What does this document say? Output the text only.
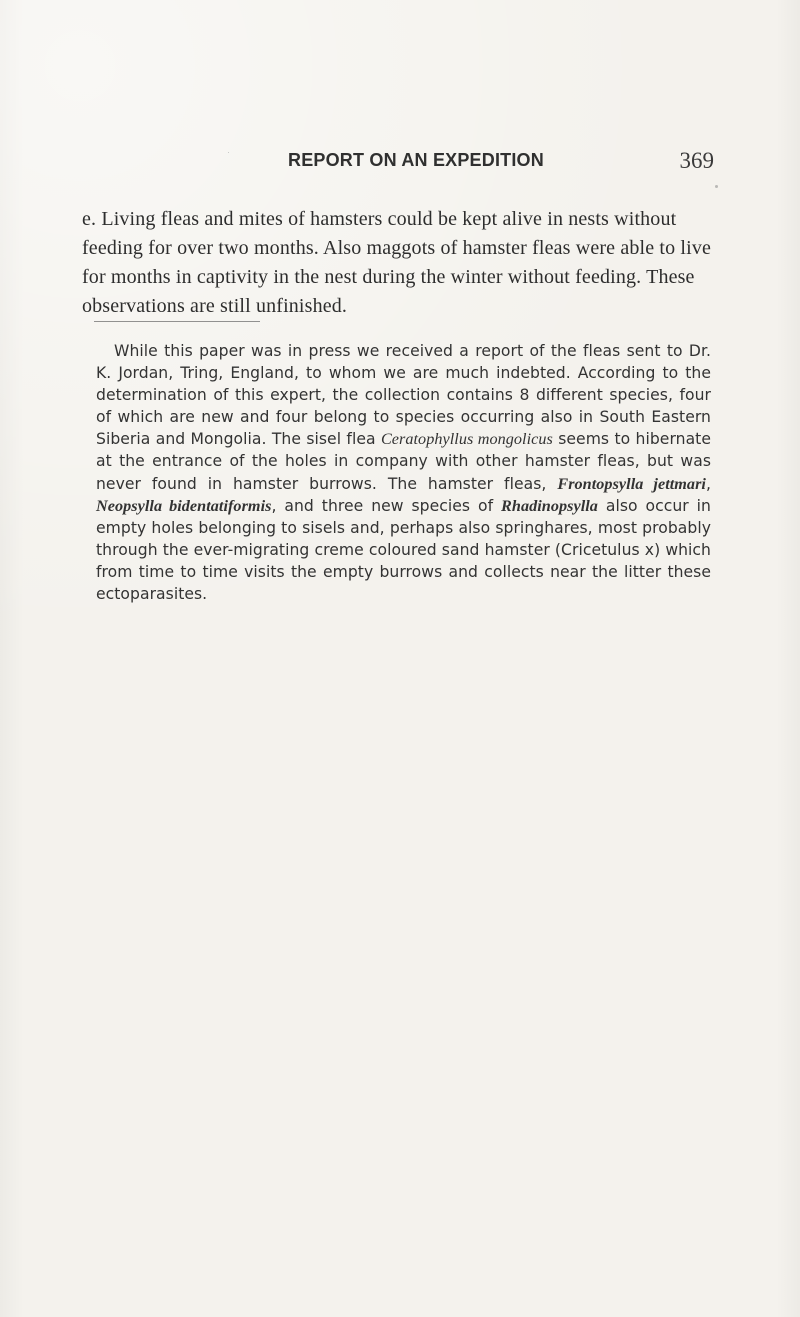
REPORT ON AN EXPEDITION	369

e. Living fleas and mites of hamsters could be kept alive in nests without feeding for over two months. Also maggots of hamster fleas were able to live for months in captivity in the nest during the winter without feeding. These observations are still unfinished.

While this paper was in press we received a report of the fleas sent to Dr. K. Jordan, Tring, England, to whom we are much indebted. According to the determination of this expert, the collection contains 8 different species, four of which are new and four belong to species occurring also in South Eastern Siberia and Mongolia. The sisel flea Ceratophyllus mongolicus seems to hibernate at the entrance of the holes in company with other hamster fleas, but was never found in hamster burrows. The hamster fleas, Frontopsylla jettmari, Neopsylla bidentatiformis, and three new species of Rhadinopsylla also occur in empty holes belonging to sisels and, perhaps also springhares, most probably through the ever-migrating creme coloured sand hamster (Cricetulus x) which from time to time visits the empty burrows and collects near the litter these ectoparasites.
